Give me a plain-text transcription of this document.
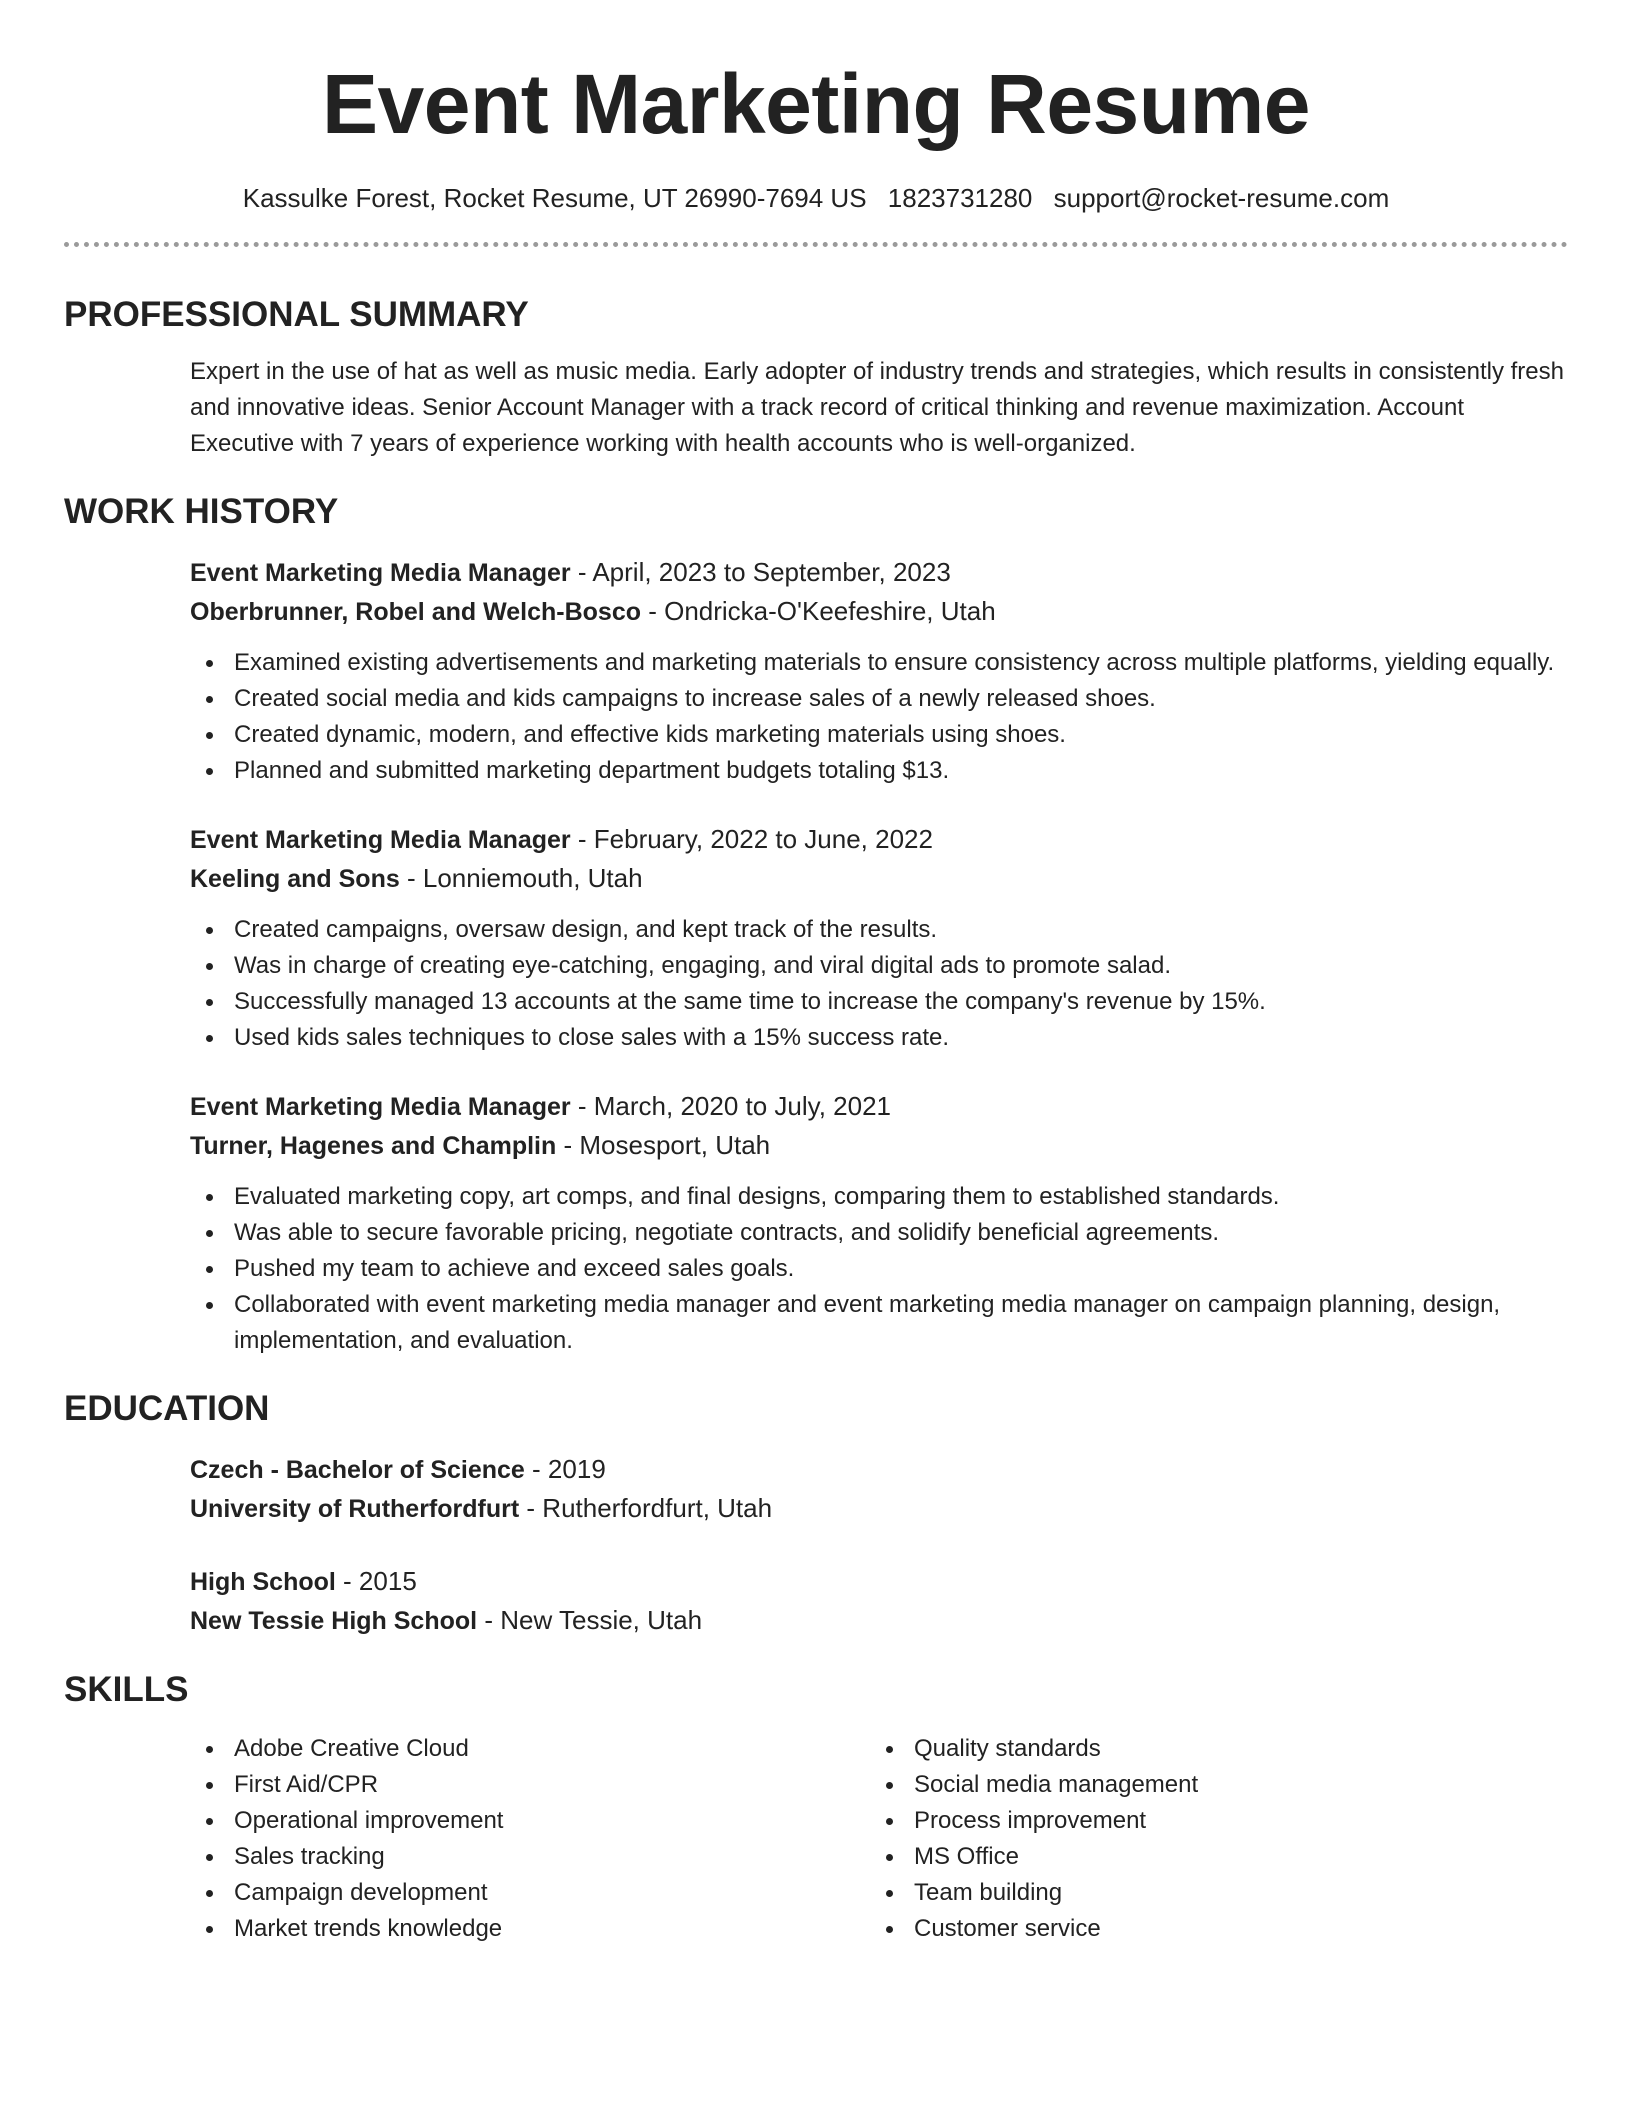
Event Marketing Resume
Kassulke Forest, Rocket Resume, UT 26990-7694 US 1823731280 support@rocket-resume.com
PROFESSIONAL SUMMARY

Expert in the use of hat as well as music media. Early adopter of industry trends and strategies, which results in consistently fresh and innovative ideas. Senior Account Manager with a track record of critical thinking and revenue maximization. Account Executive with 7 years of experience working with health accounts who is well-organized.

WORK HISTORY
Event Marketing Media Manager - April, 2023 to September, 2023
Oberbrunner, Robel and Welch-Bosco - Ondricka-O'Keefeshire, Utah
Examined existing advertisements and marketing materials to ensure consistency across multiple platforms, yielding equally.
Created social media and kids campaigns to increase sales of a newly released shoes.
Created dynamic, modern, and effective kids marketing materials using shoes.
Planned and submitted marketing department budgets totaling $13.
Event Marketing Media Manager - February, 2022 to June, 2022
Keeling and Sons - Lonniemouth, Utah
Created campaigns, oversaw design, and kept track of the results.
Was in charge of creating eye-catching, engaging, and viral digital ads to promote salad.
Successfully managed 13 accounts at the same time to increase the company's revenue by 15%.
Used kids sales techniques to close sales with a 15% success rate.
Event Marketing Media Manager - March, 2020 to July, 2021
Turner, Hagenes and Champlin - Mosesport, Utah
Evaluated marketing copy, art comps, and final designs, comparing them to established standards.
Was able to secure favorable pricing, negotiate contracts, and solidify beneficial agreements.
Pushed my team to achieve and exceed sales goals.
Collaborated with event marketing media manager and event marketing media manager on campaign planning, design, implementation, and evaluation.
EDUCATION
Czech - Bachelor of Science - 2019
University of Rutherfordfurt - Rutherfordfurt, Utah
High School - 2015
New Tessie High School - New Tessie, Utah
SKILLS
Adobe Creative Cloud
First Aid/CPR
Operational improvement
Sales tracking
Campaign development
Market trends knowledge
Quality standards
Social media management
Process improvement
MS Office
Team building
Customer service
